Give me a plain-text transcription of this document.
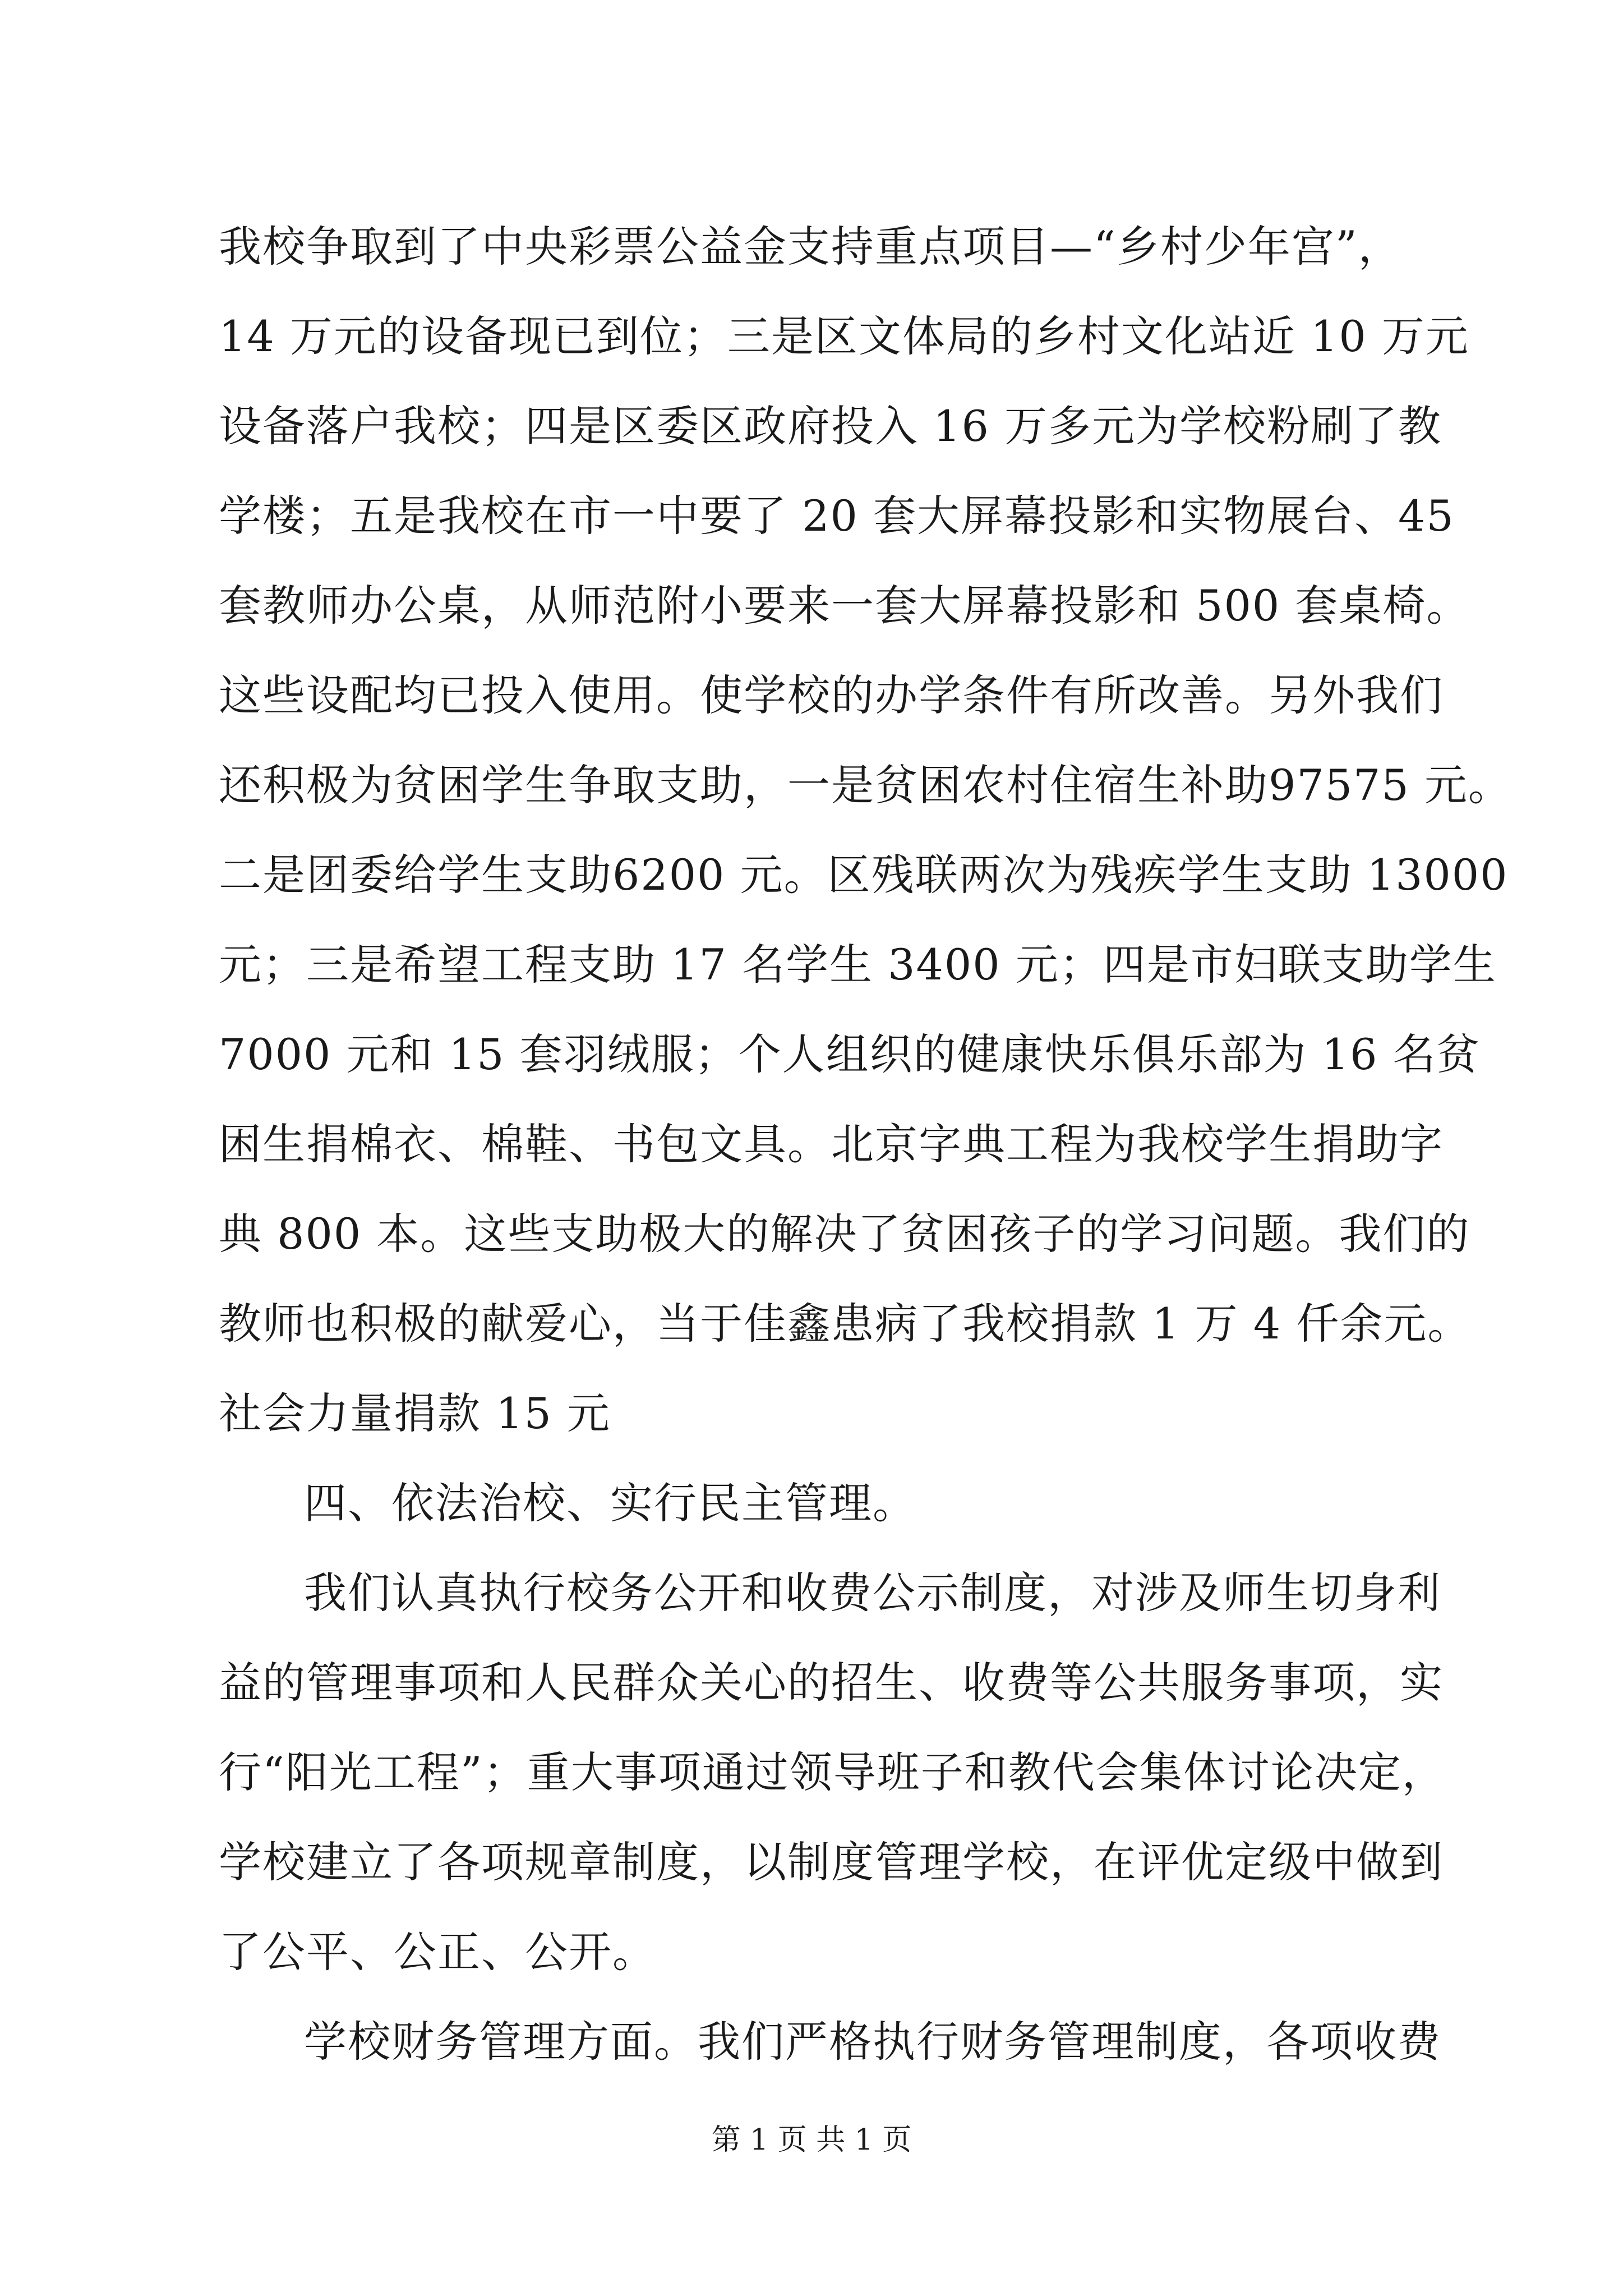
我校争取到了中央彩票公益金支持重点项目—“乡村少年宫”，
14 万元的设备现已到位；三是区文体局的乡村文化站近 10 万元
设备落户我校；四是区委区政府投入 16 万多元为学校粉刷了教
学楼；五是我校在市一中要了 20 套大屏幕投影和实物展台、45
套教师办公桌，从师范附小要来一套大屏幕投影和 500 套桌椅。
这些设配均已投入使用。使学校的办学条件有所改善。另外我们
还积极为贫困学生争取支助，一是贫困农村住宿生补助97575 元。
二是团委给学生支助6200 元。区残联两次为残疾学生支助 13000
元；三是希望工程支助 17 名学生 3400 元；四是市妇联支助学生
7000 元和 15 套羽绒服；个人组织的健康快乐俱乐部为 16 名贫
困生捐棉衣、棉鞋、书包文具。北京字典工程为我校学生捐助字
典 800 本。这些支助极大的解决了贫困孩子的学习问题。我们的
教师也积极的献爱心，当于佳鑫患病了我校捐款 1 万 4 仟余元。
社会力量捐款 15 元
四、依法治校、实行民主管理。
我们认真执行校务公开和收费公示制度，对涉及师生切身利
益的管理事项和人民群众关心的招生、收费等公共服务事项，实
行“阳光工程”；重大事项通过领导班子和教代会集体讨论决定，
学校建立了各项规章制度，以制度管理学校，在评优定级中做到
了公平、公正、公开。
学校财务管理方面。我们严格执行财务管理制度，各项收费
第 1 页 共 1 页
